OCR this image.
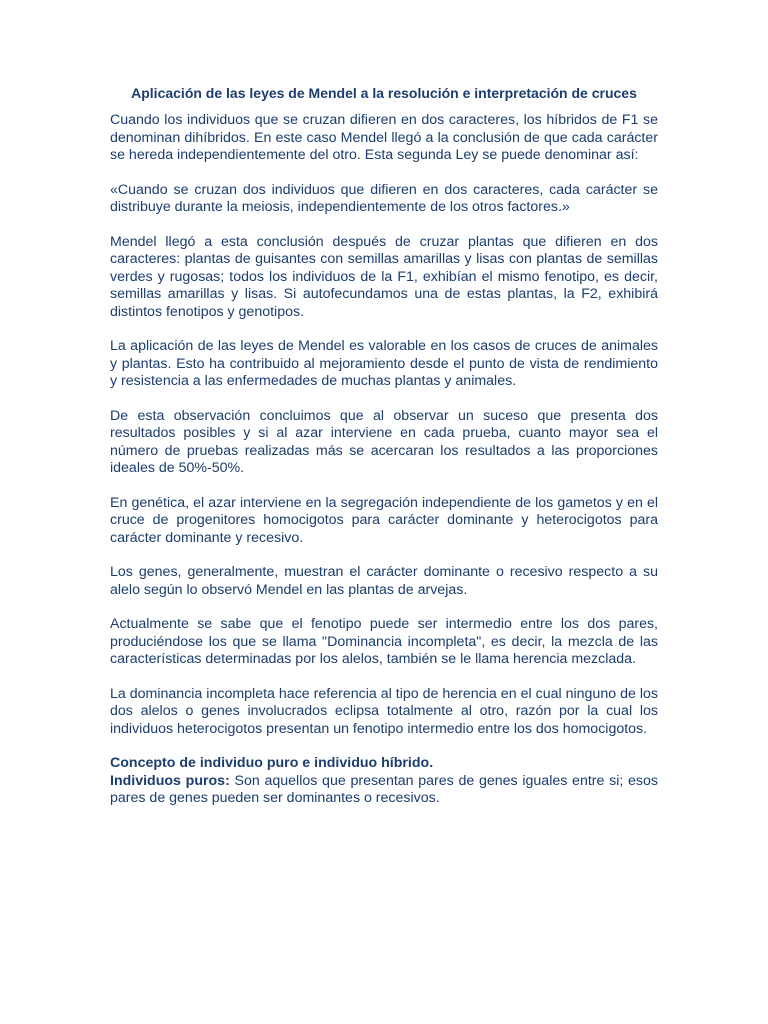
Aplicación de las leyes de Mendel a la resolución e interpretación de cruces

Cuando los individuos que se cruzan difieren en dos caracteres, los híbridos de F1 se denominan dihíbridos. En este caso Mendel llegó a la conclusión de que cada carácter se hereda independientemente del otro. Esta segunda Ley se puede denominar así:

«Cuando se cruzan dos individuos que difieren en dos caracteres, cada carácter se distribuye durante la meiosis, independientemente de los otros factores.»

Mendel llegó a esta conclusión después de cruzar plantas que difieren en dos caracteres: plantas de guisantes con semillas amarillas y lisas con plantas de semillas verdes y rugosas; todos los individuos de la F1, exhibían el mismo fenotipo, es decir, semillas amarillas y lisas. Si autofecundamos una de estas plantas, la F2, exhibirá distintos fenotipos y genotipos.

La aplicación de las leyes de Mendel es valorable en los casos de cruces de animales y plantas. Esto ha contribuido al mejoramiento desde el punto de vista de rendimiento y resistencia a las enfermedades de muchas plantas y animales.

De esta observación concluimos que al observar un suceso que presenta dos resultados posibles y si al azar interviene en cada prueba, cuanto mayor sea el número de pruebas realizadas más se acercaran los resultados a las proporciones ideales de 50%-50%.

En genética, el azar interviene en la segregación independiente de los gametos y en el cruce de progenitores homocigotos para carácter dominante y heterocigotos para carácter dominante y recesivo.

Los genes, generalmente, muestran el carácter dominante o recesivo respecto a su alelo según lo observó Mendel en las plantas de arvejas.

Actualmente se sabe que el fenotipo puede ser intermedio entre los dos pares, produciéndose los que se llama "Dominancia incompleta", es decir, la mezcla de las características determinadas por los alelos, también se le llama herencia mezclada.

La dominancia incompleta hace referencia al tipo de herencia en el cual ninguno de los dos alelos o genes involucrados eclipsa totalmente al otro, razón por la cual los individuos heterocigotos presentan un fenotipo intermedio entre los dos homocigotos.

Concepto de individuo puro e individuo híbrido.

Individuos puros: Son aquellos que presentan pares de genes iguales entre si; esos pares de genes pueden ser dominantes o recesivos.
